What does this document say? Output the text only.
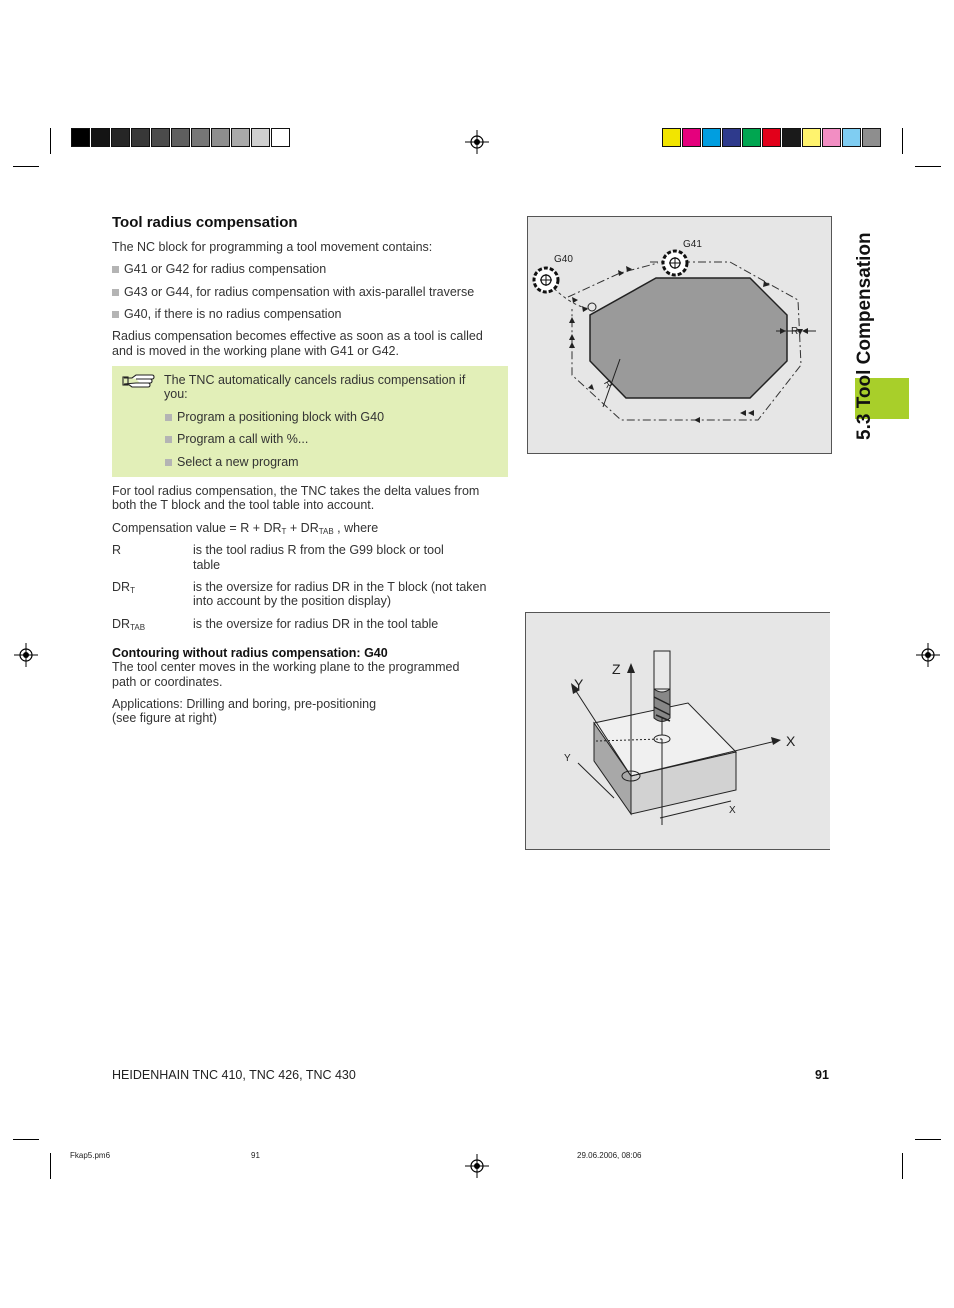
Tool radius compensation
The NC block for programming a tool movement contains:
G41 or G42 for radius compensation
G43 or G44, for radius compensation with axis-parallel traverse
G40, if there is no radius compensation
Radius compensation becomes effective as soon as a tool is called
and is moved in the working plane with G41 or G42.
The TNC automatically cancels radius compensation if
you:
Program a positioning block with G40
Program a call with %...
Select a new program
For tool radius compensation, the TNC takes the delta values from
both the T block and the tool table into account.
Compensation value = $R + DR_T + DR_{TAB}$ , where
R	is the tool radius R from the G99 block or tool
table
$DR_T$	is the oversize for radius DR in the T block (not taken
into account by the position display)
$DR_{TAB}$	is the oversize for radius DR in the tool table
Contouring without radius compensation: G40
The tool center moves in the working plane to the programmed
path or coordinates.
Applications: Drilling and boring, pre-positioning
(see figure at right)
G40
G41
R
R
Z
Y
X
Y
X
5.3 Tool Compensation
HEIDENHAIN TNC 410, TNC 426, TNC 430	91
Fkap5.pm6	91	29.06.2006, 08:06
